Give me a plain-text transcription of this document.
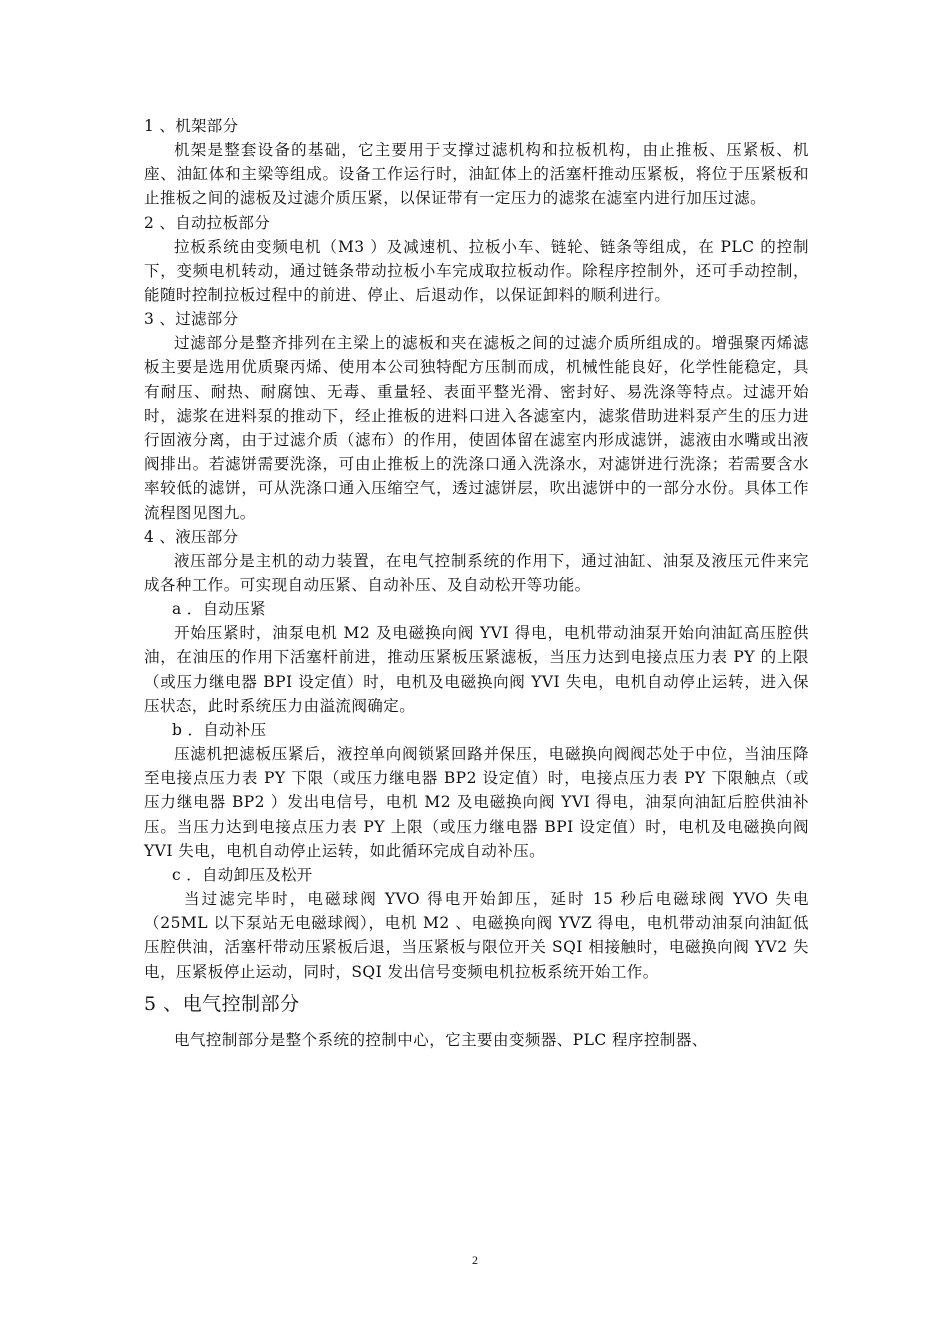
1 、机架部分

机架是整套设备的基础，它主要用于支撑过滤机构和拉板机构，由止推板、压紧板、机座、油缸体和主梁等组成。设备工作运行时，油缸体上的活塞杆推动压紧板，将位于压紧板和止推板之间的滤板及过滤介质压紧，以保证带有一定压力的滤浆在滤室内进行加压过滤。

2 、自动拉板部分

拉板系统由变频电机（M3 ）及减速机、拉板小车、链轮、链条等组成，在 PLC 的控制下，变频电机转动，通过链条带动拉板小车完成取拉板动作。除程序控制外，还可手动控制，能随时控制拉板过程中的前进、停止、后退动作，以保证卸料的顺利进行。

3 、过滤部分

过滤部分是整齐排列在主梁上的滤板和夹在滤板之间的过滤介质所组成的。增强聚丙烯滤板主要是选用优质聚丙烯、使用本公司独特配方压制而成，机械性能良好，化学性能稳定，具有耐压、耐热、耐腐蚀、无毒、重量轻、表面平整光滑、密封好、易洗涤等特点。过滤开始时，滤浆在进料泵的推动下，经止推板的进料口进入各滤室内，滤浆借助进料泵产生的压力进行固液分离，由于过滤介质（滤布）的作用，使固体留在滤室内形成滤饼，滤液由水嘴或出液阀排出。若滤饼需要洗涤，可由止推板上的洗涤口通入洗涤水，对滤饼进行洗涤；若需要含水率较低的滤饼，可从洗涤口通入压缩空气，透过滤饼层，吹出滤饼中的一部分水份。具体工作流程图见图九。

4 、液压部分

液压部分是主机的动力装置，在电气控制系统的作用下，通过油缸、油泵及液压元件来完成各种工作。可实现自动压紧、自动补压、及自动松开等功能。

a ．自动压紧

开始压紧时，油泵电机 M2 及电磁换向阀 YVI 得电，电机带动油泵开始向油缸高压腔供油，在油压的作用下活塞杆前进，推动压紧板压紧滤板，当压力达到电接点压力表 PY 的上限（或压力继电器 BPI 设定值）时，电机及电磁换向阀 YVI 失电，电机自动停止运转，进入保压状态，此时系统压力由溢流阀确定。

b ．自动补压

压滤机把滤板压紧后，液控单向阀锁紧回路并保压，电磁换向阀阀芯处于中位，当油压降至电接点压力表 PY 下限（或压力继电器 BP2 设定值）时，电接点压力表 PY 下限触点（或压力继电器 BP2 ）发出电信号，电机 M2 及电磁换向阀 YVI 得电，油泵向油缸后腔供油补压。当压力达到电接点压力表 PY 上限（或压力继电器 BPI 设定值）时，电机及电磁换向阀 YVI 失电，电机自动停止运转，如此循环完成自动补压。

c ．自动卸压及松开

当过滤完毕时，电磁球阀 YVO 得电开始卸压，延时 15 秒后电磁球阀 YVO 失电（25ML 以下泵站无电磁球阀），电机 M2 、电磁换向阀 YVZ 得电，电机带动油泵向油缸低压腔供油，活塞杆带动压紧板后退，当压紧板与限位开关 SQI 相接触时，电磁换向阀 YV2 失电，压紧板停止运动，同时，SQI 发出信号变频电机拉板系统开始工作。

5 、电气控制部分

电气控制部分是整个系统的控制中心，它主要由变频器、PLC 程序控制器、

2
